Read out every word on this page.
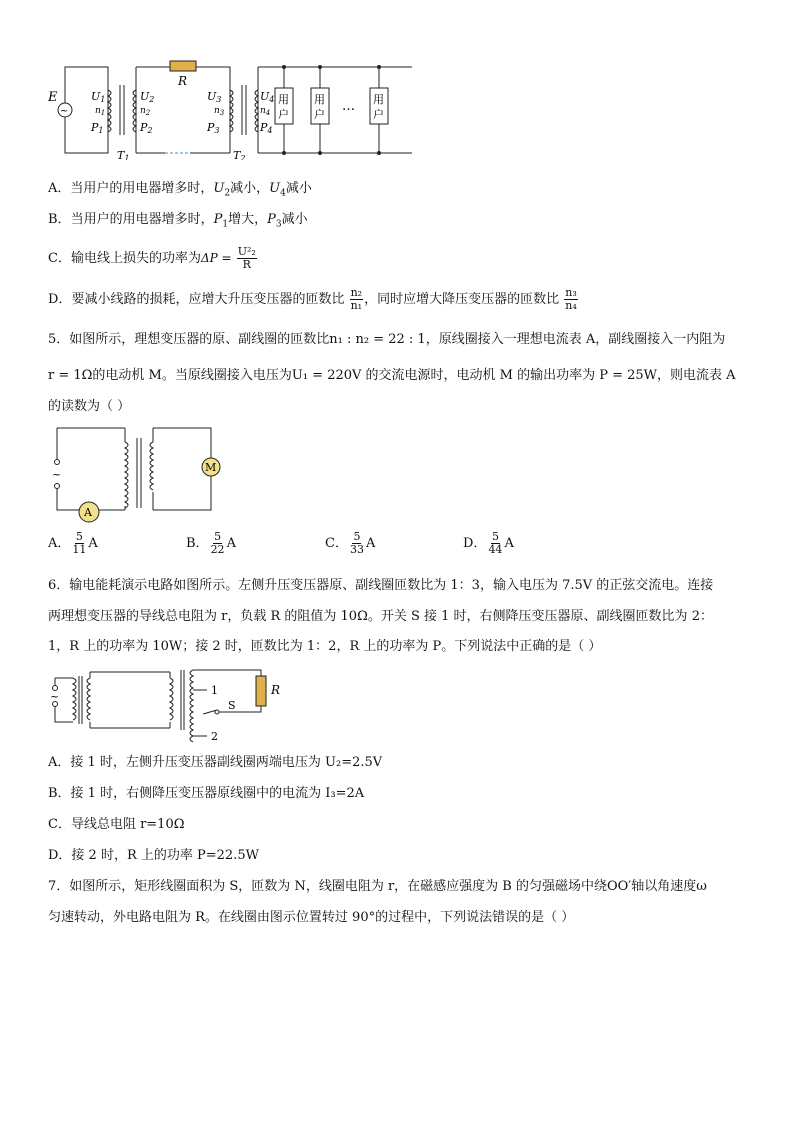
~
E
R
U1
$n_1$
P1
U2
$n_2$
P2
U3
$n_3$
P3
U4
$n_4$
P4
T1	T2
用
户
用
户
用
户
…
A．当用户的用电器增多时，$U_2$减小，$U_4$减小
B．当用户的用电器增多时，$P_1$增大，$P_3$减小
C．输电线上损失的功率为$\Delta P = \frac{\text{U²₂}}{R}$
D．要减小线路的损耗，应增大升压变压器的匝数比 $\frac{\text{n₂}}{\text{n₁}}$ ，同时应增大降压变压器的匝数比 $\frac{\text{n₃}}{\text{n₄}}$
5．如图所示，理想变压器的原、副线圈的匝数比n₁ : n₂ = 22 : 1，原线圈接入一理想电流表 A，副线圈接入一内阻为
r = 1Ω的电动机 M。当原线圈接入电压为U₁ = 220V 的交流电源时，电动机 M 的输出功率为 P = 25W，则电流表 A
的读数为（ ）
~
A
M
A． $\frac{5}{11}$ A	B． $\frac{5}{22}$ A	C． $\frac{5}{33}$ A	D． $\frac{5}{44}$ A
6．输电能耗演示电路如图所示。左侧升压变压器原、副线圈匝数比为 1：3，输入电压为 7.5V 的正弦交流电。连接
两理想变压器的导线总电阻为 r，负载 R 的阻值为 10Ω。开关 S 接 1 时，右侧降压变压器原、副线圈匝数比为 2：
1，R 上的功率为 10W；接 2 时，匝数比为 1：2，R 上的功率为 P。下列说法中正确的是（ ）
~	1
2
S
R
A．接 1 时，左侧升压变压器副线圈两端电压为 U₂=2.5V
B．接 1 时，右侧降压变压器原线圈中的电流为 I₃=2A
C．导线总电阻 r=10Ω
D．接 2 时，R 上的功率 P=22.5W
7．如图所示，矩形线圈面积为 S，匝数为 N，线圈电阻为 r，在磁感应强度为 B 的匀强磁场中绕OO′轴以角速度ω
匀速转动，外电路电阻为 R。在线圈由图示位置转过 90°的过程中，下列说法错误的是（ ）
